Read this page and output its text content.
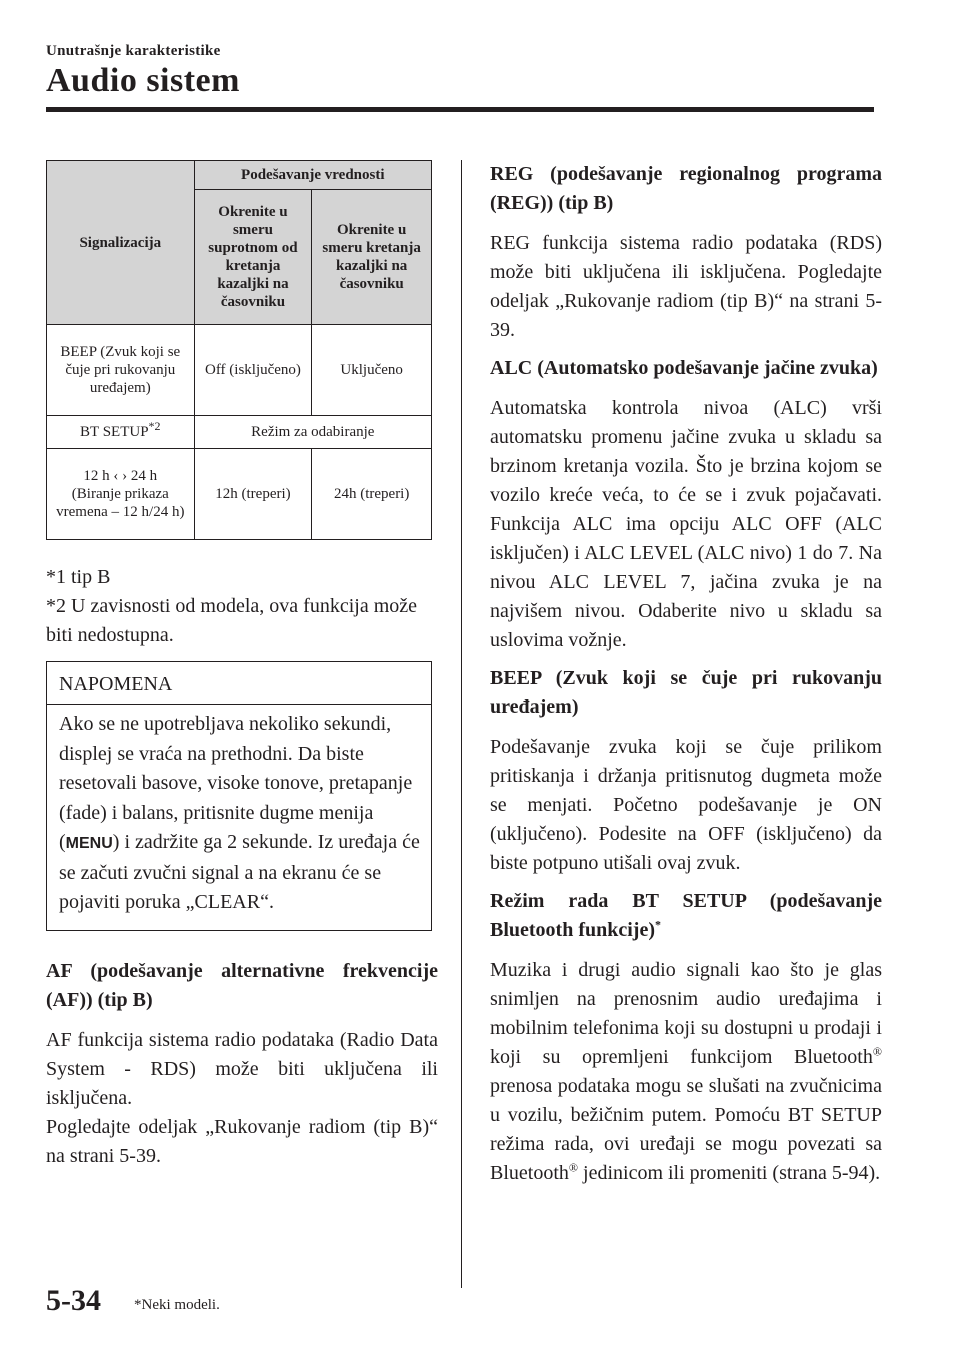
Unutrašnje karakteristike
Audio sistem
Signalizacija	Podešavanje vrednosti	
	Okrenite u smeru suprotnom od kretanja kazaljki na časovniku	Okrenite u smeru kretanja kazaljki na časovniku
BEEP (Zvuk koji se čuje pri rukovanju uređajem)	Off (isključeno)	Uključeno
BT SETUP$^{*2}$	Režim za odabiranje	
12 h ‹ › 24 h
(Biranje prikaza vremena – 12 h/24 h)	12h (treperi)	24h (treperi)
*1 tip B
*2 U zavisnosti od modela, ova funkcija može biti nedostupna.
NAPOMENA
Ako se ne upotrebljava nekoliko sekundi, displej se vraća na prethodni. Da biste resetovali basove, visoke tonove, pretapanje (fade) i balans, pritisnite dugme menija (MENU) i zadržite ga 2 sekunde. Iz uređaja će se začuti zvučni signal a na ekranu će se pojaviti poruka „CLEAR“.
AF (podešavanje alternativne frekvencije (AF)) (tip B)

AF funkcija sistema radio podataka (Radio Data System - RDS) može biti uključena ili isključena.

Pogledajte odeljak „Rukovanje radiom (tip B)“ na strani 5-39.

REG (podešavanje regionalnog programa (REG)) (tip B)

REG funkcija sistema radio podataka (RDS) može biti uključena ili isključena. Pogledajte odeljak „Rukovanje radiom (tip B)“ na strani 5-39.

ALC (Automatsko podešavanje jačine zvuka)

Automatska kontrola nivoa (ALC) vrši automatsku promenu jačine zvuka u skladu sa brzinom kretanja vozila. Što je brzina kojom se vozilo kreće veća, to će se i zvuk pojačavati. Funkcija ALC ima opciju ALC OFF (ALC isključen) i ALC LEVEL (ALC nivo) 1 do 7. Na nivou ALC LEVEL 7, jačina zvuka je na najvišem nivou. Odaberite nivo u skladu sa uslovima vožnje.

BEEP (Zvuk koji se čuje pri rukovanju uređajem)

Podešavanje zvuka koji se čuje prilikom pritiskanja i držanja pritisnutog dugmeta može se menjati. Početno podešavanje je ON (uključeno). Podesite na OFF (isključeno) da biste potpuno utišali ovaj zvuk.

Režim rada BT SETUP (podešavanje Bluetooth funkcije)*

Muzika i drugi audio signali kao što je glas snimljen na prenosnim audio uređajima i mobilnim telefonima koji su dostupni u prodaji i koji su opremljeni funkcijom Bluetooth® prenosa podataka mogu se slušati na zvučnicima u vozilu, bežičnim putem. Pomoću BT SETUP režima rada, ovi uređaji se mogu povezati sa Bluetooth® jedinicom ili promeniti (strana 5-94).

5-34 *Neki modeli.
